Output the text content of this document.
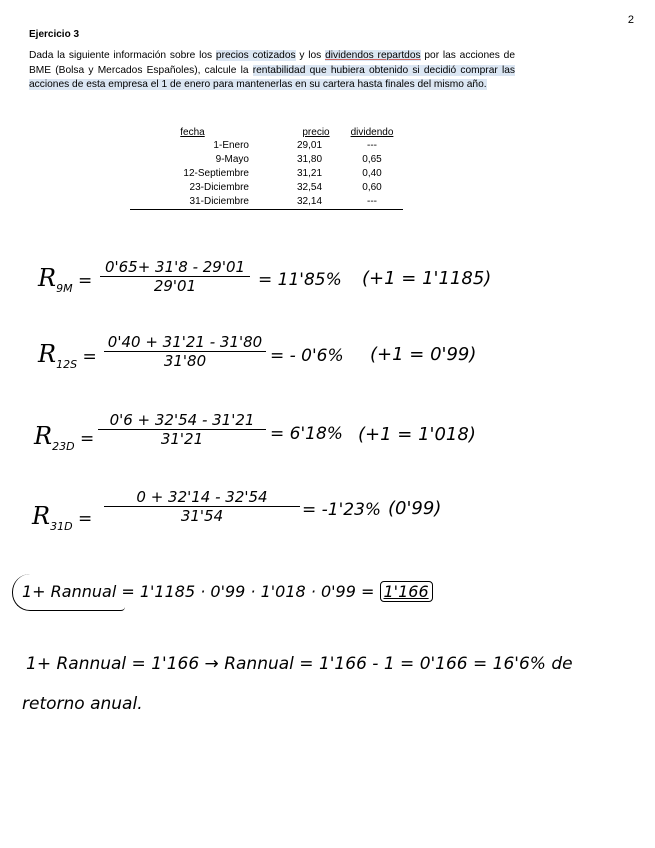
2
Ejercicio 3
Dada la siguiente información sobre los precios cotizados y los dividendos repartdos por las acciones de BME (Bolsa y Mercados Españoles), calcule la rentabilidad que hubiera obtenido si decidió comprar las acciones de esta empresa el 1 de enero para mantenerlas en su cartera hasta finales del mismo año.
fecha	precio	dividendo
1-Enero	29,01	---
9-Mayo	31,80	0,65
12-Septiembre	31,21	0,40
23-Diciembre	32,54	0,60
31-Diciembre	32,14	---
$R_{9M}$ =
0'65+ 31'8 - 29'01
29'01	= 11'85% (+1 = 1'1185)
$R_{12S}$ =
0'40 + 31'21 - 31'80
31'80	= - 0'6% (+1 = 0'99)
$R_{23D}$ =
0'6 + 32'54 - 31'21
31'21	= 6'18% (+1 = 1'018)
$R_{31D}$ =
0 + 32'14 - 32'54
31'54	= -1'23% (0'99)
1+ Rannual = 1'1185 · 0'99 · 1'018 · 0'99 = 1'166
1+ Rannual = 1'166 → Rannual = 1'166 - 1 = 0'166 = 16'6% de
retorno anual.
